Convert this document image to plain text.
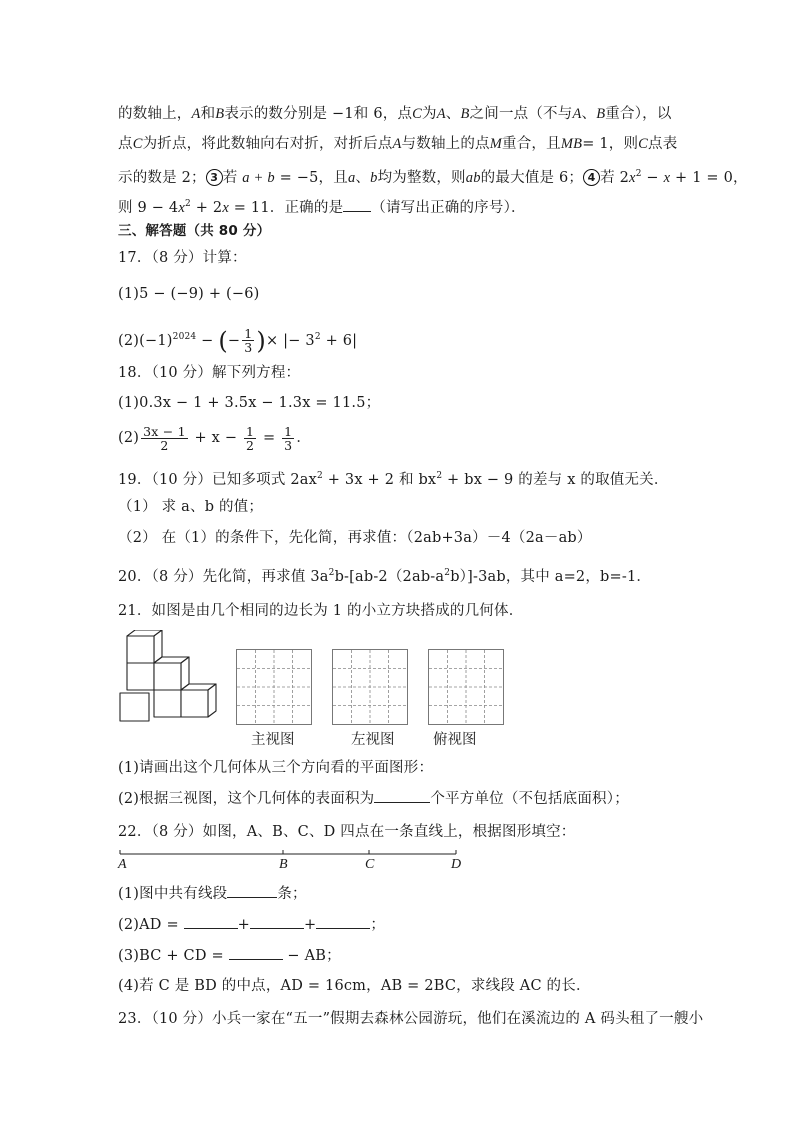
的数轴上，A和B表示的数分别是 −1和 6，点C为A、B之间一点（不与A、B重合），以
点C为折点，将此数轴向右对折，对折后点A与数轴上的点M重合，且MB= 1，则C点表
示的数是 2； 3 若 a + b = −5，且a、b均为整数，则ab的最大值是 6； 4 若 $2x^2 - x + 1 = 0$，
则 $9 - 4x^2 + 2x = 11$．正确的是 （请写出正确的序号）．
三、解答题（共 80 分）
17．（8 分）计算：
(1)5 − (−9) + (−6)
$(2)(-1)^{2024}$ − (− $\frac{1}{3}$ )× |− $3^2 + 6|$
18．（10 分）解下列方程：
(1)0.3x − 1 + 3.5x − 1.3x = 11.5；
$(2) \frac{3x - 1}{2} + x - \frac{1}{2} = \frac{1}{3}$ ．
19．（10 分）已知多项式 $2ax^2 + 3x + 2$ 和 $bx^2$ + bx − 9 的差与 x 的取值无关．
（1） 求 a、b 的值；
（2） 在（1）的条件下，先化简，再求值：（2ab+3a）－4（2a－ab）
20．（8 分）先化简，再求值 $3a^2b-[ab-2(2ab-a^2b)]-3ab$，其中 a=2，b=-1．
21．如图是由几个相同的边长为 1 的小立方块搭成的几何体．
主视图	左视图	俯视图
(1)请画出这个几何体从三个方向看的平面图形：
(2)根据三视图，这个几何体的表面积为	个平方单位（不包括底面积）；
22．（8 分）如图，A、B、C、D 四点在一条直线上，根据图形填空：
A	B	C	D
(1)图中共有线段	条；
(2)AD =	+	+	；
(3)BC + CD =	− AB；
(4)若 C 是 BD 的中点，AD = 16cm，AB = 2BC，求线段 AC 的长．
23．（10 分）小兵一家在“五一”假期去森林公园游玩，他们在溪流边的 A 码头租了一艘小
